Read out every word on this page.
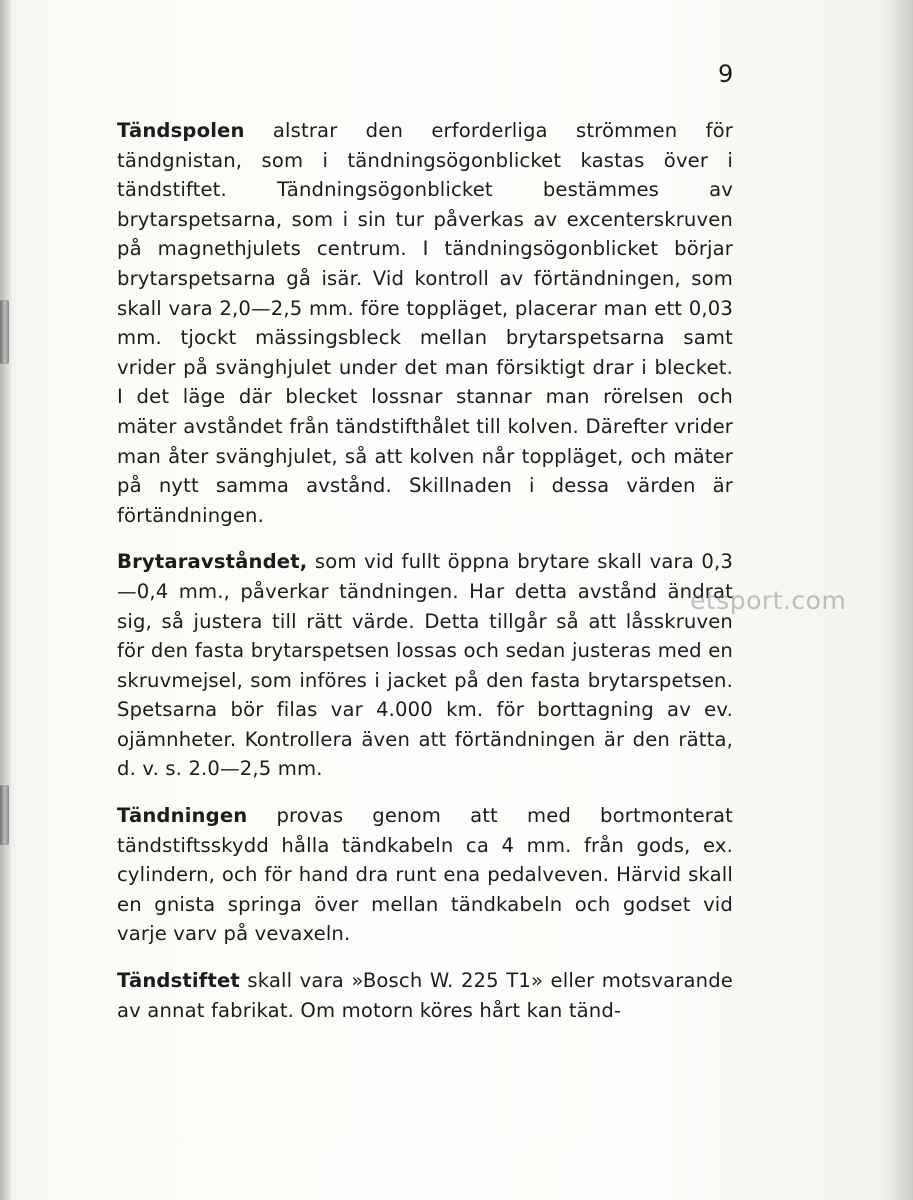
9

Tändspolen alstrar den erforderliga strömmen för tändgnistan, som i tändningsögonblicket kastas över i tändstiftet. Tändningsögonblicket bestämmes av brytarspetsarna, som i sin tur påverkas av excenterskruven på magnethjulets centrum. I tändningsögonblicket börjar brytarspetsarna gå isär. Vid kontroll av förtändningen, som skall vara 2,0—2,5 mm. före toppläget, placerar man ett 0,03 mm. tjockt mässingsbleck mellan brytarspetsarna samt vrider på svänghjulet under det man försiktigt drar i blecket. I det läge där blecket lossnar stannar man rörelsen och mäter avståndet från tändstifthålet till kolven. Därefter vrider man åter svänghjulet, så att kolven når toppläget, och mäter på nytt samma avstånd. Skillnaden i dessa värden är förtändningen.

Brytaravståndet, som vid fullt öppna brytare skall vara 0,3—0,4 mm., påverkar tändningen. Har detta avstånd ändrat sig, så justera till rätt värde. Detta tillgår så att låsskruven för den fasta brytarspetsen lossas och sedan justeras med en skruvmejsel, som införes i jacket på den fasta brytarspetsen. Spetsarna bör filas var 4.000 km. för borttagning av ev. ojämnheter. Kontrollera även att förtändningen är den rätta, d. v. s. 2.0—2,5 mm.

Tändningen provas genom att med bortmonterat tändstiftsskydd hålla tändkabeln ca 4 mm. från gods, ex. cylindern, och för hand dra runt ena pedalveven. Härvid skall en gnista springa över mellan tändkabeln och godset vid varje varv på vevaxeln.

Tändstiftet skall vara »Bosch W. 225 T1» eller motsvarande av annat fabrikat. Om motorn köres hårt kan tänd-

etsport.com
